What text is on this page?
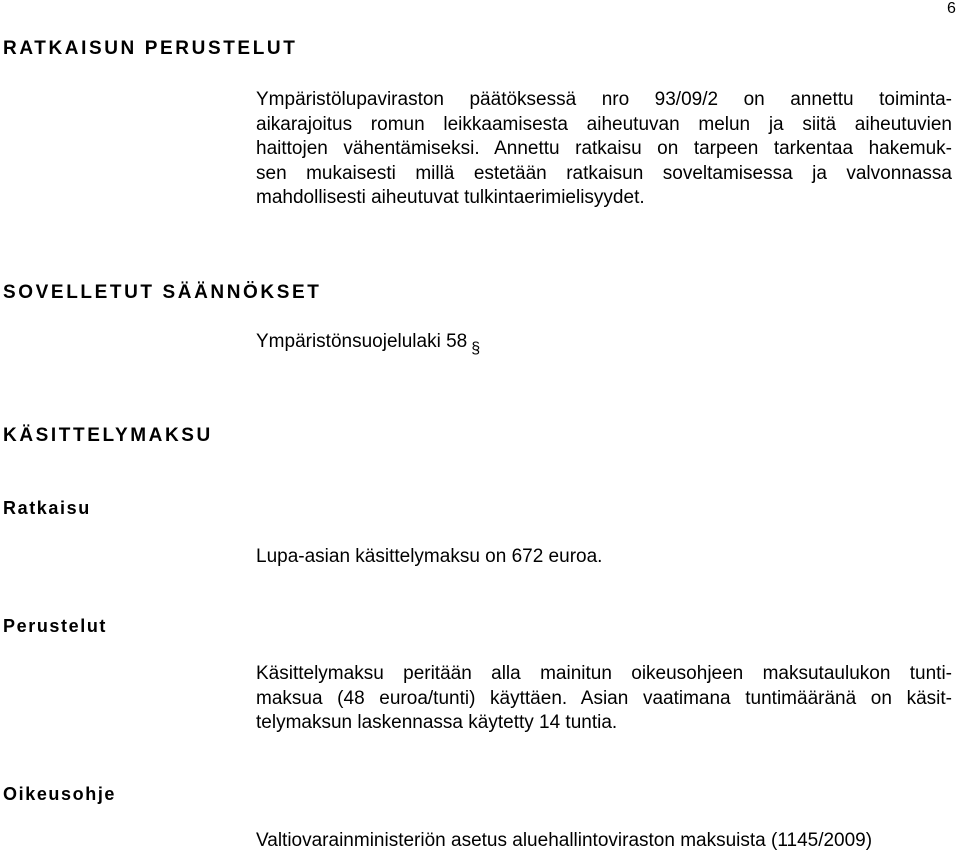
6
RATKAISUN PERUSTELUT
Ympäristölupaviraston päätöksessä nro 93/09/2 on annettu toiminta-
aikarajoitus romun leikkaamisesta aiheutuvan melun ja siitä aiheutuvien
haittojen vähentämiseksi. Annettu ratkaisu on tarpeen tarkentaa hakemuk-
sen mukaisesti millä estetään ratkaisun soveltamisessa ja valvonnassa
mahdollisesti aiheutuvat tulkintaerimielisyydet.
SOVELLETUT SÄÄNNÖKSET
Ympäristönsuojelulaki 58 §
KÄSITTELYMAKSU
Ratkaisu
Lupa-asian käsittelymaksu on 672 euroa.
Perustelut
Käsittelymaksu peritään alla mainitun oikeusohjeen maksutaulukon tunti-
maksua (48 euroa/tunti) käyttäen. Asian vaatimana tuntimääränä on käsit-
telymaksun laskennassa käytetty 14 tuntia.
Oikeusohje
Valtiovarainministeriön asetus aluehallintoviraston maksuista (1145/2009)
